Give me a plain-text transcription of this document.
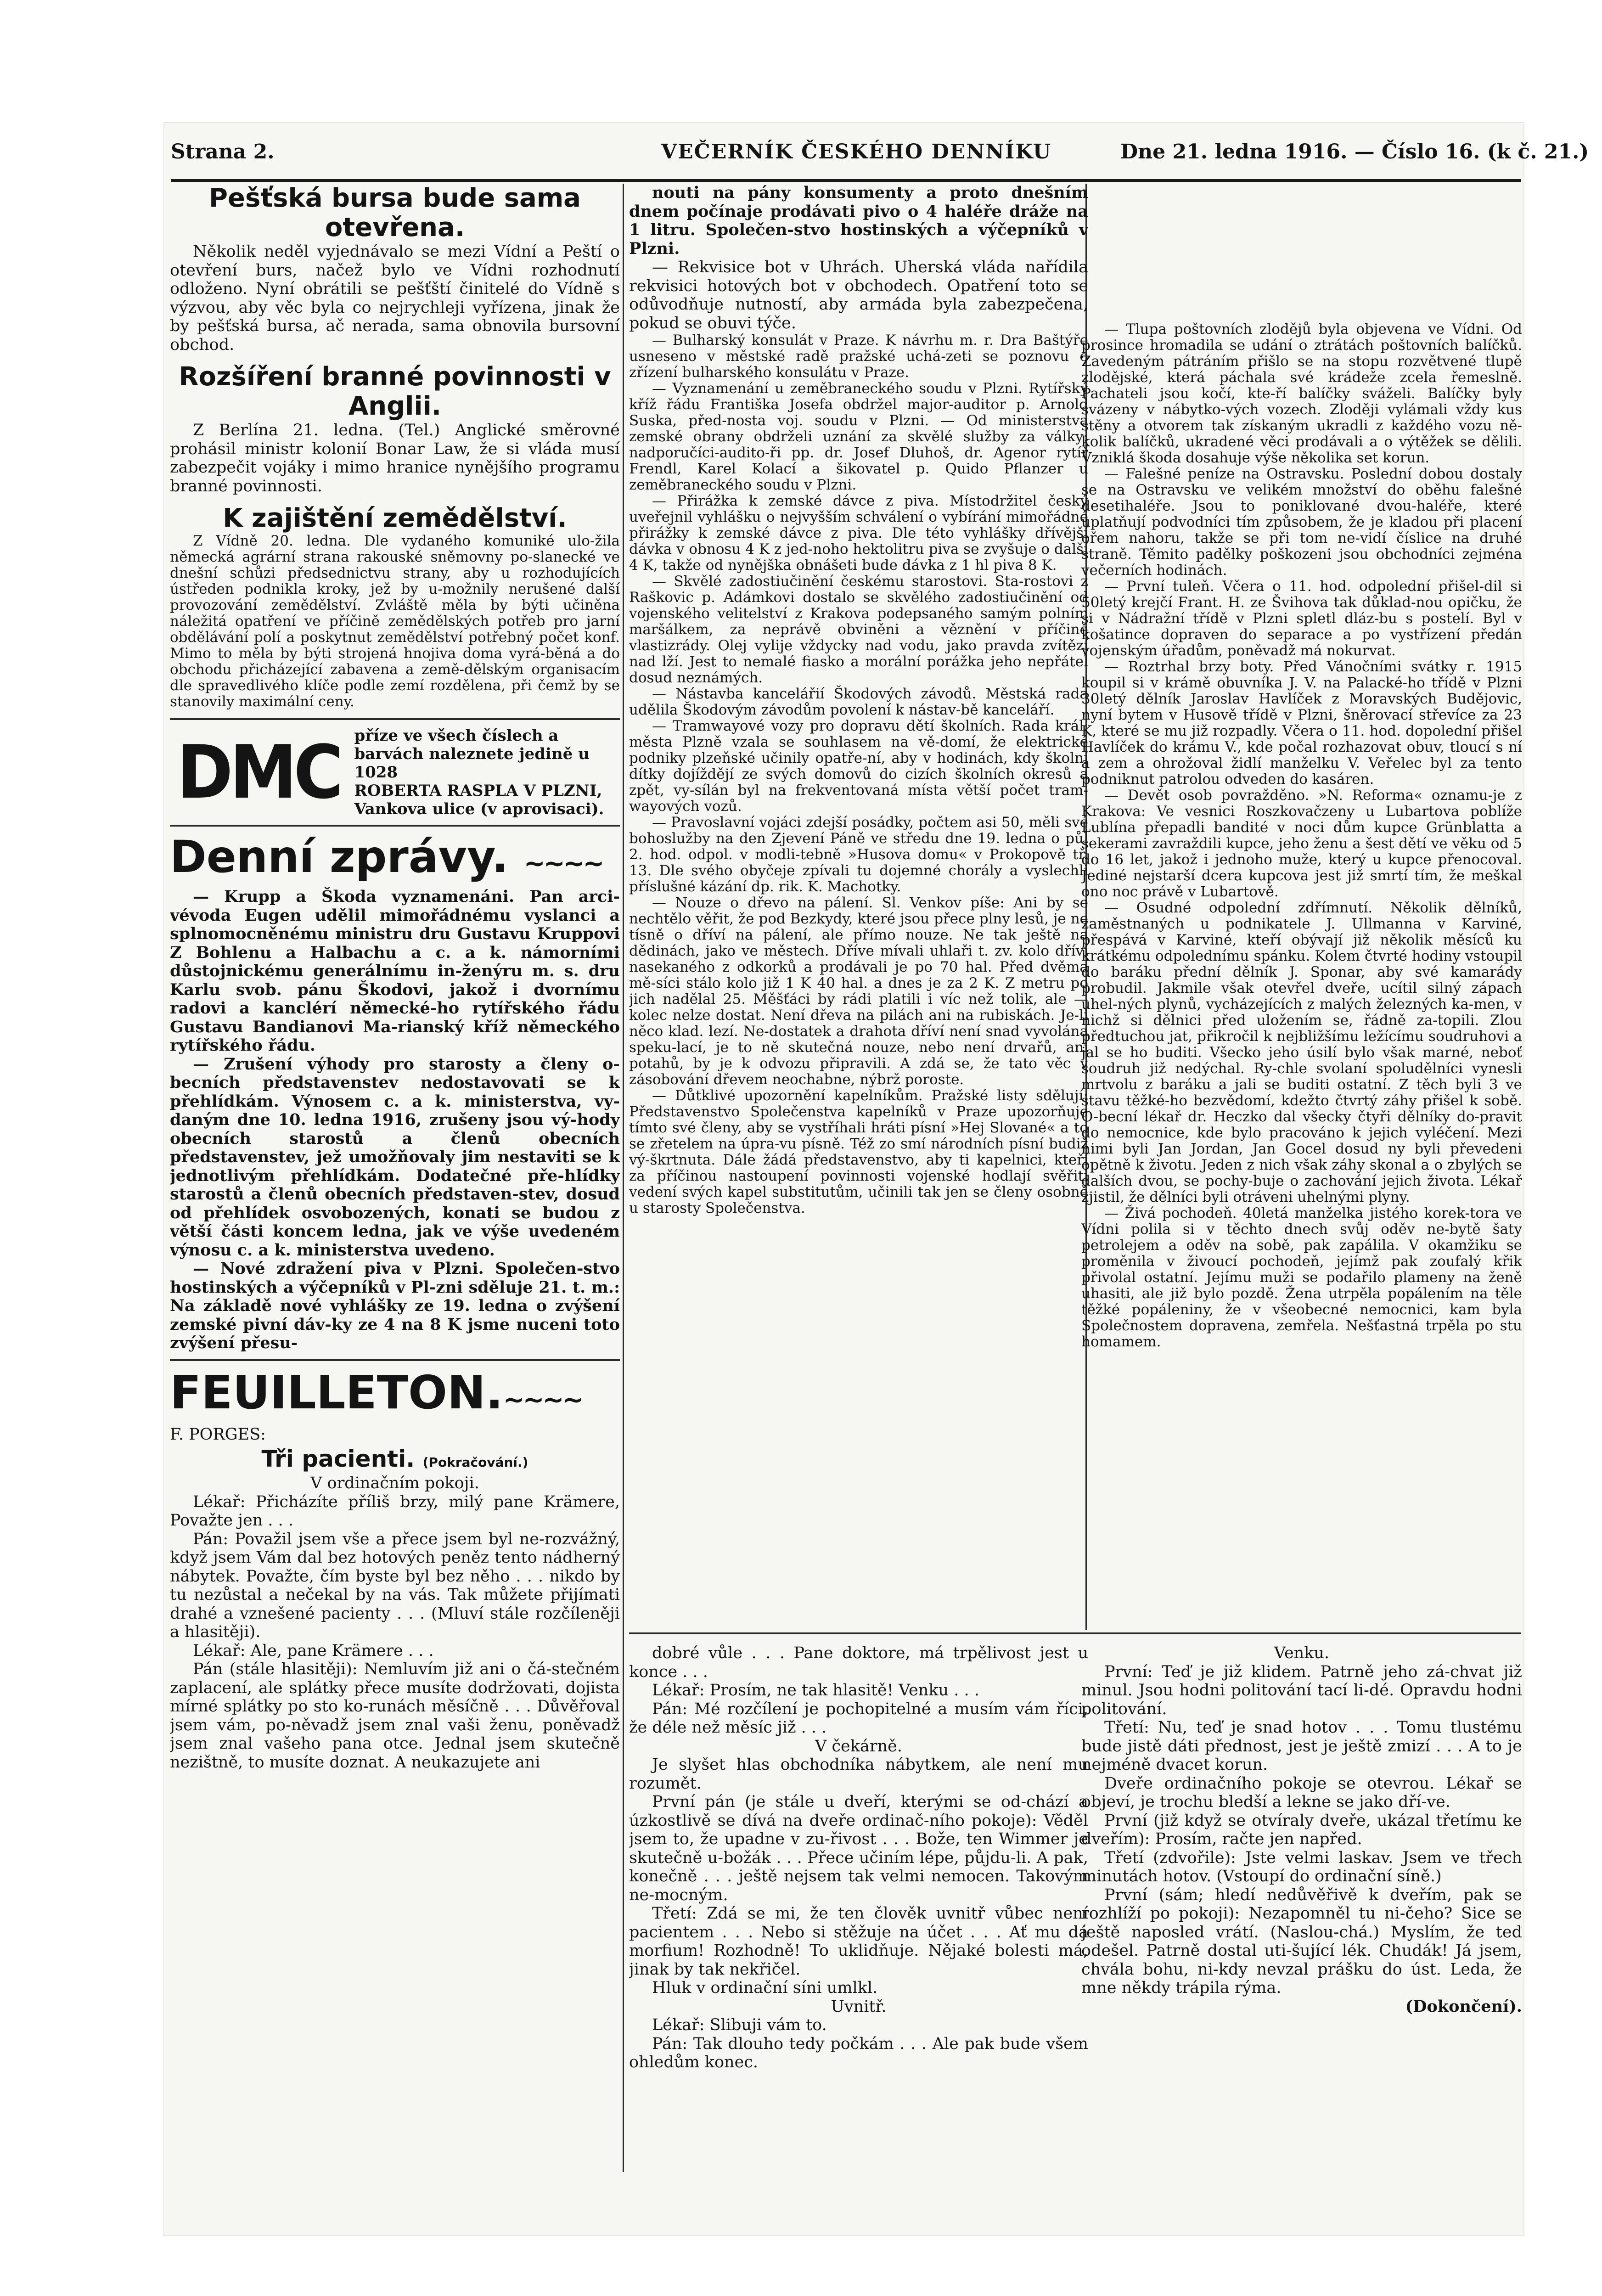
Strana 2.	VEČERNÍK ČESKÉHO DENNÍKU	Dne 21. ledna 1916. — Číslo 16. (k č. 21.)
Pešťská bursa bude sama otevřena.

Několik neděl vyjednávalo se mezi Vídní a Peští o otevření burs, načež bylo ve Vídni rozhodnutí odloženo. Nyní obrátili se pešťští činitelé do Vídně s výzvou, aby věc byla co nejrychleji vyřízena, jinak že by pešťská bursa, ač nerada, sama obnovila bursovní obchod.

Rozšíření branné povinnosti v Anglii.

Z Berlína 21. ledna. (Tel.) Anglické směrovné prohásil ministr kolonií Bonar Law, že si vláda musí zabezpečit vojáky i mimo hranice nynějšího programu branné povinnosti.

K zajištění zemědělství.

Z Vídně 20. ledna. Dle vydaného komuniké ulo-žila německá agrární strana rakouské sněmovny po-slanecké ve dnešní schůzi předsednictvu strany, aby u rozhodujících ústředen podnikla kroky, jež by u-možnily nerušené další provozování zemědělství. Zvláště měla by býti učiněna náležitá opatření ve příčině zemědělských potřeb pro jarní obdělávání polí a poskytnut zemědělství potřebný počet konf. Mimo to měla by býti strojená hnojiva doma vyrá-běná a do obchodu přicházející zabavena a země-dělským organisacím dle spravedlivého klíče podle zemí rozdělena, při čemž by se stanovily maximální ceny.

DMC příze ve všech číslech a barvách naleznete jedině u 1028
ROBERTA RASPLA V PLZNI,
Vankova ulice (v aprovisaci).
Denní zprávy. ~~~~

— Krupp a Škoda vyznamenáni. Pan arci-vévoda Eugen udělil mimořádnému vyslanci a splnomocněnému ministru dru Gustavu Kruppovi Z Bohlenu a Halbachu a c. a k. námorními důstojnickému generálnímu in-ženýru m. s. dru Karlu svob. pánu Škodovi, jakož i dvornímu radovi a kanclérí německé-ho rytířského řádu Gustavu Bandianovi Ma-rianský kříž německého rytířského řádu.

— Zrušení výhody pro starosty a členy o-becních představenstev nedostavovati se k přehlídkám. Výnosem c. a k. ministerstva, vy-daným dne 10. ledna 1916, zrušeny jsou vý-hody obecních starostů a členů obecních představenstev, jež umožňovaly jim nestaviti se k jednotlivým přehlídkám. Dodatečné pře-hlídky starostů a členů obecních představen-stev, dosud od přehlídek osvobozených, konati se budou z větší části koncem ledna, jak ve výše uvedeném výnosu c. a k. ministerstva uvedeno.

— Nové zdražení piva v Plzni. Společen-stvo hostinských a výčepníků v Pl-zni sděluje 21. t. m.: Na základě nové vyhlášky ze 19. ledna o zvýšení zemské pivní dáv-ky ze 4 na 8 K jsme nuceni toto zvýšení přesu-

FEUILLETON.~~~~

F. PORGES:

Tři pacienti. (Pokračování.)

V ordinačním pokoji.

Lékař: Přicházíte příliš brzy, milý pane Krämere, Považte jen . . .

Pán: Považil jsem vše a přece jsem byl ne-rozvážný, když jsem Vám dal bez hotových peněz tento nádherný nábytek. Považte, čím byste byl bez něho . . . nikdo by tu nezůstal a nečekal by na vás. Tak můžete přijímati drahé a vznešené pacienty . . . (Mluví stále rozčíleněji a hlasitěji).

Lékař: Ale, pane Krämere . . .

Pán (stále hlasitěji): Nemluvím již ani o čá-stečném zaplacení, ale splátky přece musíte dodržovati, dojista mírné splátky po sto ko-runách měsíčně . . . Důvěřoval jsem vám, po-něvadž jsem znal vaši ženu, poněvadž jsem znal vašeho pana otce. Jednal jsem skutečně nezištně, to musíte doznat. A neukazujete ani

nouti na pány konsumenty a proto dnešním dnem počínaje prodávati pivo o 4 haléře dráže na 1 litru. Společen-stvo hostinských a výčepníků v Plzni.

— Rekvisice bot v Uhrách. Uherská vláda nařídila rekvisici hotových bot v obchodech. Opatření toto se odůvodňuje nutností, aby armáda byla zabezpečena, pokud se obuvi týče.

— Bulharský konsulát v Praze. K návrhu m. r. Dra Baštýře usneseno v městské radě pražské uchá-zeti se poznovu o zřízení bulharského konsulátu v Praze.

— Vyznamenání u zeměbraneckého soudu v Plzni. Rytířský kříž řádu Františka Josefa obdržel major-auditor p. Arnold Suska, před-nosta voj. soudu v Plzni. — Od ministerstva zemské obrany obdrželi uznání za skvělé služby za války: nadporučíci-audito-ři pp. dr. Josef Dluhoš, dr. Agenor rytíř Frendl, Karel Kolací a šikovatel p. Quido Pflanzer u zeměbraneckého soudu v Plzni.

— Přirážka k zemské dávce z piva. Místodržitel český uveřejnil vyhlášku o nejvyšším schválení o vybírání mimořádné přirážky k zemské dávce z piva. Dle této vyhlášky dřívější dávka v obnosu 4 K z jed-noho hektolitru piva se zvyšuje o další 4 K, takže od nynějška obnášeti bude dávka z 1 hl piva 8 K.

— Skvělé zadostiučinění českému starostovi. Sta-rostovi z Raškovic p. Adámkovi dostalo se skvělého zadostiučinění od vojenského velitelství z Krakova podepsaného samým polním maršálkem, za neprávě obviněni a věznění v příčině vlastizrády. Olej vylije vždycky nad vodu, jako pravda zvítězí nad lží. Jest to nemalé fiasko a morální porážka jeho nepřátel dosud neznámých.

— Nástavba kancelářií Škodových závodů. Městská rada udělila Škodovým závodům povolení k nástav-bě kanceláří.

— Tramwayové vozy pro dopravu dětí školních. Rada král. města Plzně vzala se souhlasem na vě-domí, že elektrické podniky plzeňské učinily opatře-ní, aby v hodinách, kdy školní dítky dojíždějí ze svých domovů do cizích školních okresů a zpět, vy-sílán byl na frekventovaná místa větší počet tram-wayových vozů.

— Pravoslavní vojáci zdejší posádky, počtem asi 50, měli své bohoslužby na den Zjevení Páně ve středu dne 19. ledna o půl 2. hod. odpol. v modli-tebně »Husova domu« v Prokopově tř. 13. Dle svého obyčeje zpívali tu dojemné chorály a vyslechli příslušné kázání dp. rik. K. Machotky.

— Nouze o dřevo na pálení. Sl. Venkov píše: Ani by se nechtělo věřit, že pod Bezkydy, které jsou přece plny lesů, je ne tísně o dříví na pálení, ale přímo nouze. Ne tak ještě na dědinách, jako ve městech. Dříve mívali uhlaři t. zv. kolo dříví nasekaného z odkorků a prodávali je po 70 hal. Před dvěma mě-síci stálo kolo již 1 K 40 hal. a dnes je za 2 K. Z metru po jich nadělal 25. Měšťáci by rádi platili i víc než tolik, ale — kolec nelze dostat. Není dřeva na pilách ani na rubiskách. Je-li něco klad. lezí. Ne-dostatek a drahota dříví není snad vyvolána speku-lací, je to ně skutečná nouze, nebo není drvařů, ani potahů, by je k odvozu připravili. A zdá se, že tato věc v zásobování dřevem neochabne, nýbrž poroste.

— Důtklivé upozornění kapelníkům. Pražské listy sdělují: Představenstvo Společenstva kapelníků v Praze upozorňuje tímto své členy, aby se vystříhali hráti písní »Hej Slované« a to se zřetelem na úpra-vu písně. Též zo smí národních písní budiž vý-škrtnuta. Dále žádá představenstvo, aby ti kapelnici, kteří za příčinou nastoupení povinnosti vojenské hodlají svěřiti vedení svých kapel substitutům, učinili tak jen se členy osobně u starosty Společenstva.

— Tlupa poštovních zlodějů byla objevena ve Vídni. Od prosince hromadila se udání o ztrátách poštovních balíčků. Zavedeným pátráním přišlo se na stopu rozvětvené tlupě zlodějské, která páchala své krádeže zcela řemeslně. Pachateli jsou kočí, kte-ří balíčky sváželi. Balíčky byly svázeny v nábytko-vých vozech. Zloději vylámali vždy kus stěny a otvorem tak získaným ukradli z každého vozu ně-kolik balíčků, ukradené věci prodávali a o výtěžek se dělili. Vzniklá škoda dosahuje výše několika set korun.

— Falešné peníze na Ostravsku. Poslední dobou dostaly se na Ostravsku ve velikém množství do oběhu falešné desetihaléře. Jsou to poniklované dvou-haléře, které uplatňují podvodníci tím způsobem, že je kladou při placení ořem nahoru, takže se při tom ne-vidí číslice na druhé straně. Těmito padělky poškozeni jsou obchodníci zejména večerních hodinách.

— První tuleň. Včera o 11. hod. odpolední přišel-dil si 50letý krejčí Frant. H. ze Švihova tak důklad-nou opičku, že si v Nádražní třídě v Plzni spletl dláz-bu s postelí. Byl v košatince dopraven do separace a po vystřízení předán vojenským úřadům, poněvadž má nokurvat.

— Roztrhal brzy boty. Před Vánočními svátky r. 1915 koupil si v krámě obuvníka J. V. na Palacké-ho třídě v Plzni 30letý dělník Jaroslav Havlíček z Moravských Budějovic, nyní bytem v Husově třídě v Plzni, šněrovací střevíce za 23 K, které se mu již rozpadly. Včera o 11. hod. dopolední přišel Havlíček do krámu V., kde počal rozhazovat obuv, tloucí s ní a zem a ohrožoval židlí manželku V. Veřelec byl za tento podniknut patrolou odveden do kasáren.

— Devět osob povražděno. »N. Reforma« oznamu-je z Krakova: Ve vesnici Roszkovačzeny u Lubartova poblíže Lublína přepadli bandité v noci dům kupce Grünblatta a sekerami zavraždili kupce, jeho ženu a šest dětí ve věku od 5 do 16 let, jakož i jednoho muže, který u kupce přenocoval. Jediné nejstarší dcera kupcova jest již smrtí tím, že meškal ono noc právě v Lubartově.

— Osudné odpolední zdřímnutí. Několik dělníků, zaměstnaných u podnikatele J. Ullmanna v Karviné, přespává v Karviné, kteří obývají již několik měsíců ku krátkému odpolednímu spánku. Kolem čtvrté hodiny vstoupil do baráku přední dělník J. Sponar, aby své kamarády probudil. Jakmile však otevřel dveře, ucítil silný zápach uhel-ných plynů, vycházejících z malých železných ka-men, v nichž si dělnici před uložením se, řádně za-topili. Zlou předtuchou jat, přikročil k nejbližšímu ležícímu soudruhovi a jal se ho buditi. Všecko jeho úsilí bylo však marné, neboť soudruh již nedýchal. Ry-chle svolaní spoludělníci vynesli mrtvolu z baráku a jali se buditi ostatní. Z těch byli 3 ve stavu těžké-ho bezvědomí, kdežto čtvrtý záhy přišel k sobě. O-becní lékař dr. Heczko dal všecky čtyři dělníky do-pravit do nemocnice, kde bylo pracováno k jejich vyléčení. Mezi nimi byli Jan Jordan, Jan Gocel dosud ny byli převedeni opětně k životu. Jeden z nich však záhy skonal a o zbylých se dalších dvou, se pochy-buje o zachování jejich života. Lékař zjistil, že dělníci byli otráveni uhelnými plyny.

— Živá pochodeň. 40letá manželka jistého korek-tora ve Vídni polila si v těchto dnech svůj oděv ne-bytě šaty petrolejem a oděv na sobě, pak zapálila. V okamžiku se proměnila v živoucí pochodeň, jejímž pak zoufalý křik přivolal ostatní. Jejímu muži se podařilo plameny na ženě uhasiti, ale již bylo pozdě. Žena utrpěla popálením na těle těžké popáleniny, že v všeobecné nemocnici, kam byla Společnostem dopravena, zemřela. Nešťastná trpěla po stu homamem.

dobré vůle . . . Pane doktore, má trpělivost jest u konce . . .

Lékař: Prosím, ne tak hlasitě! Venku . . .

Pán: Mé rozčílení je pochopitelné a musím vám říci, že déle než měsíc již . . .

V čekárně.

Je slyšet hlas obchodníka nábytkem, ale není mu rozumět.

První pán (je stále u dveří, kterými se od-chází a úzkostlivě se dívá na dveře ordinač-ního pokoje): Věděl jsem to, že upadne v zu-řivost . . . Bože, ten Wimmer je skutečně u-božák . . . Přece učiním lépe, půjdu-li. A pak, konečně . . . ještě nejsem tak velmi nemocen. Takovým ne-mocným.

Třetí: Zdá se mi, že ten člověk uvnitř vůbec není pacientem . . . Nebo si stěžuje na účet . . . Ať mu dá morfium! Rozhodně! To uklidňuje. Nějaké bolesti má, jinak by tak nekřičel.

Hluk v ordinační síni umlkl.

Uvnitř.

Lékař: Slibuji vám to.

Pán: Tak dlouho tedy počkám . . . Ale pak bude všem ohledům konec.

Venku.

První: Teď je již klidem. Patrně jeho zá-chvat již minul. Jsou hodni politování tací li-dé. Opravdu hodni politování.

Třetí: Nu, teď je snad hotov . . . Tomu tlustému bude jistě dáti přednost, jest je ještě zmizí . . . A to je nejméně dvacet korun.

Dveře ordinačního pokoje se otevrou. Lékař se objeví, je trochu bledší a lekne se jako dří-ve.

První (již když se otvíraly dveře, ukázal třetímu ke dveřím): Prosím, račte jen napřed.

Třetí (zdvořile): Jste velmi laskav. Jsem ve třech minutách hotov. (Vstoupí do ordinační síně.)

První (sám; hledí nedůvěřivě k dveřím, pak se rozhlíží po pokoji): Nezapomněl tu ni-čeho? Sice se ještě naposled vrátí. (Naslou-chá.) Myslím, že teď odešel. Patrně dostal uti-šující lék. Chudák! Já jsem, chvála bohu, ni-kdy nevzal prášku do úst. Leda, že mne někdy trápila rýma.

(Dokončení).
